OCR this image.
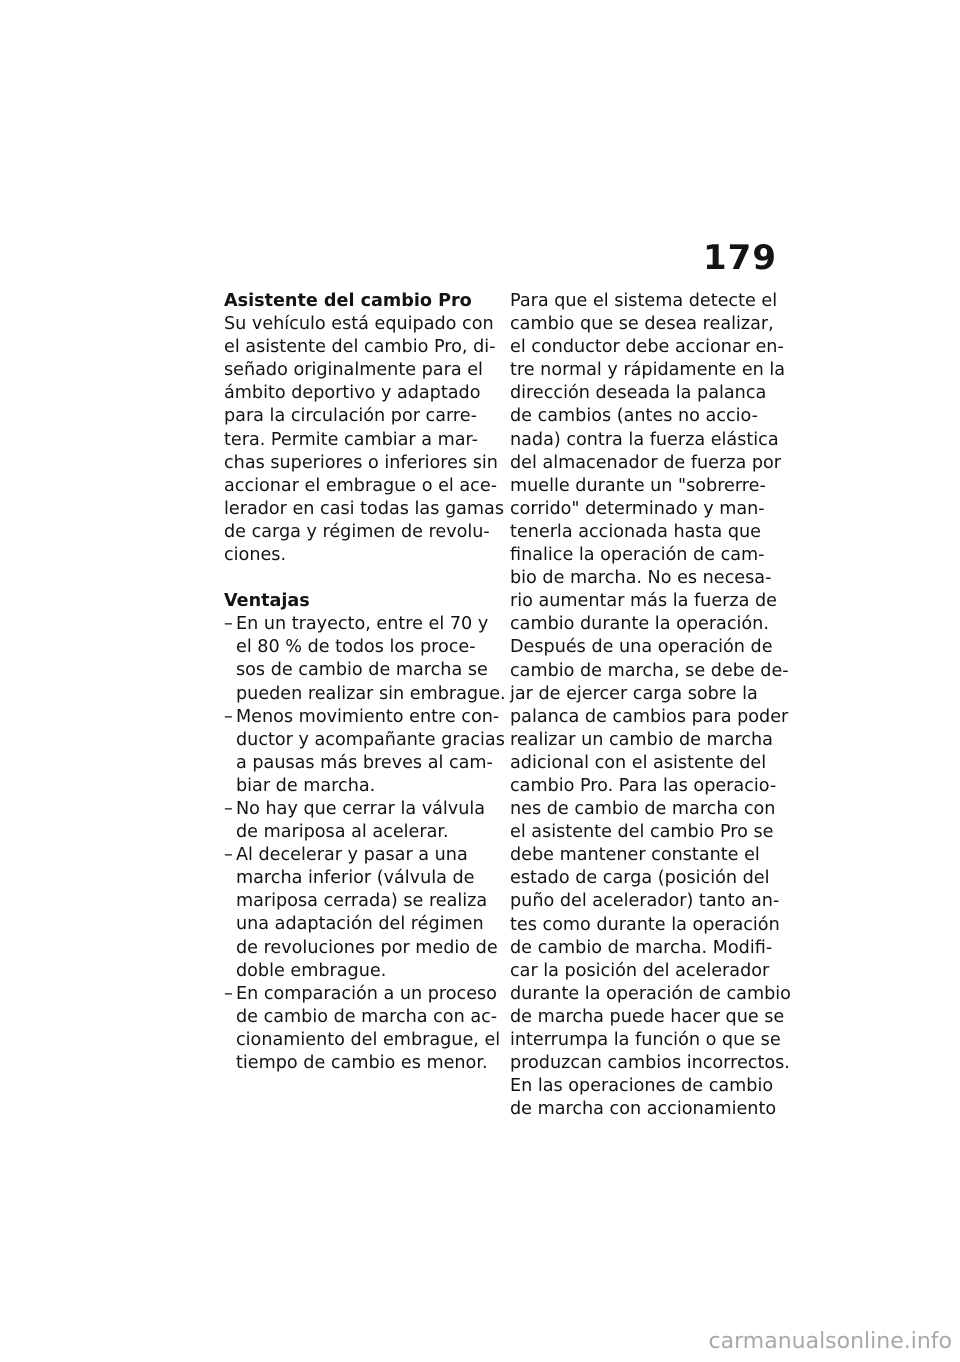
179
Asistente del cambio Pro
Su vehículo está equipado con
el asistente del cambio Pro, di-
señado originalmente para el
ámbito deportivo y adaptado
para la circulación por carre-
tera. Permite cambiar a mar-
chas superiores o inferiores sin
accionar el embrague o el ace-
lerador en casi todas las gamas
de carga y régimen de revolu-
ciones.
Ventajas
– En un trayecto, entre el 70 y
el 80 % de todos los proce-
sos de cambio de marcha se
pueden realizar sin embrague.
– Menos movimiento entre con-
ductor y acompañante gracias
a pausas más breves al cam-
biar de marcha.
– No hay que cerrar la válvula
de mariposa al acelerar.
– Al decelerar y pasar a una
marcha inferior (válvula de
mariposa cerrada) se realiza
una adaptación del régimen
de revoluciones por medio de
doble embrague.
– En comparación a un proceso
de cambio de marcha con ac-
cionamiento del embrague, el
tiempo de cambio es menor.
Para que el sistema detecte el
cambio que se desea realizar,
el conductor debe accionar en-
tre normal y rápidamente en la
dirección deseada la palanca
de cambios (antes no accio-
nada) contra la fuerza elástica
del almacenador de fuerza por
muelle durante un "sobrerre-
corrido" determinado y man-
tenerla accionada hasta que
finalice la operación de cam-
bio de marcha. No es necesa-
rio aumentar más la fuerza de
cambio durante la operación.
Después de una operación de
cambio de marcha, se debe de-
jar de ejercer carga sobre la
palanca de cambios para poder
realizar un cambio de marcha
adicional con el asistente del
cambio Pro. Para las operacio-
nes de cambio de marcha con
el asistente del cambio Pro se
debe mantener constante el
estado de carga (posición del
puño del acelerador) tanto an-
tes como durante la operación
de cambio de marcha. Modifi-
car la posición del acelerador
durante la operación de cambio
de marcha puede hacer que se
interrumpa la función o que se
produzcan cambios incorrectos.
En las operaciones de cambio
de marcha con accionamiento
carmanualsonline.info
